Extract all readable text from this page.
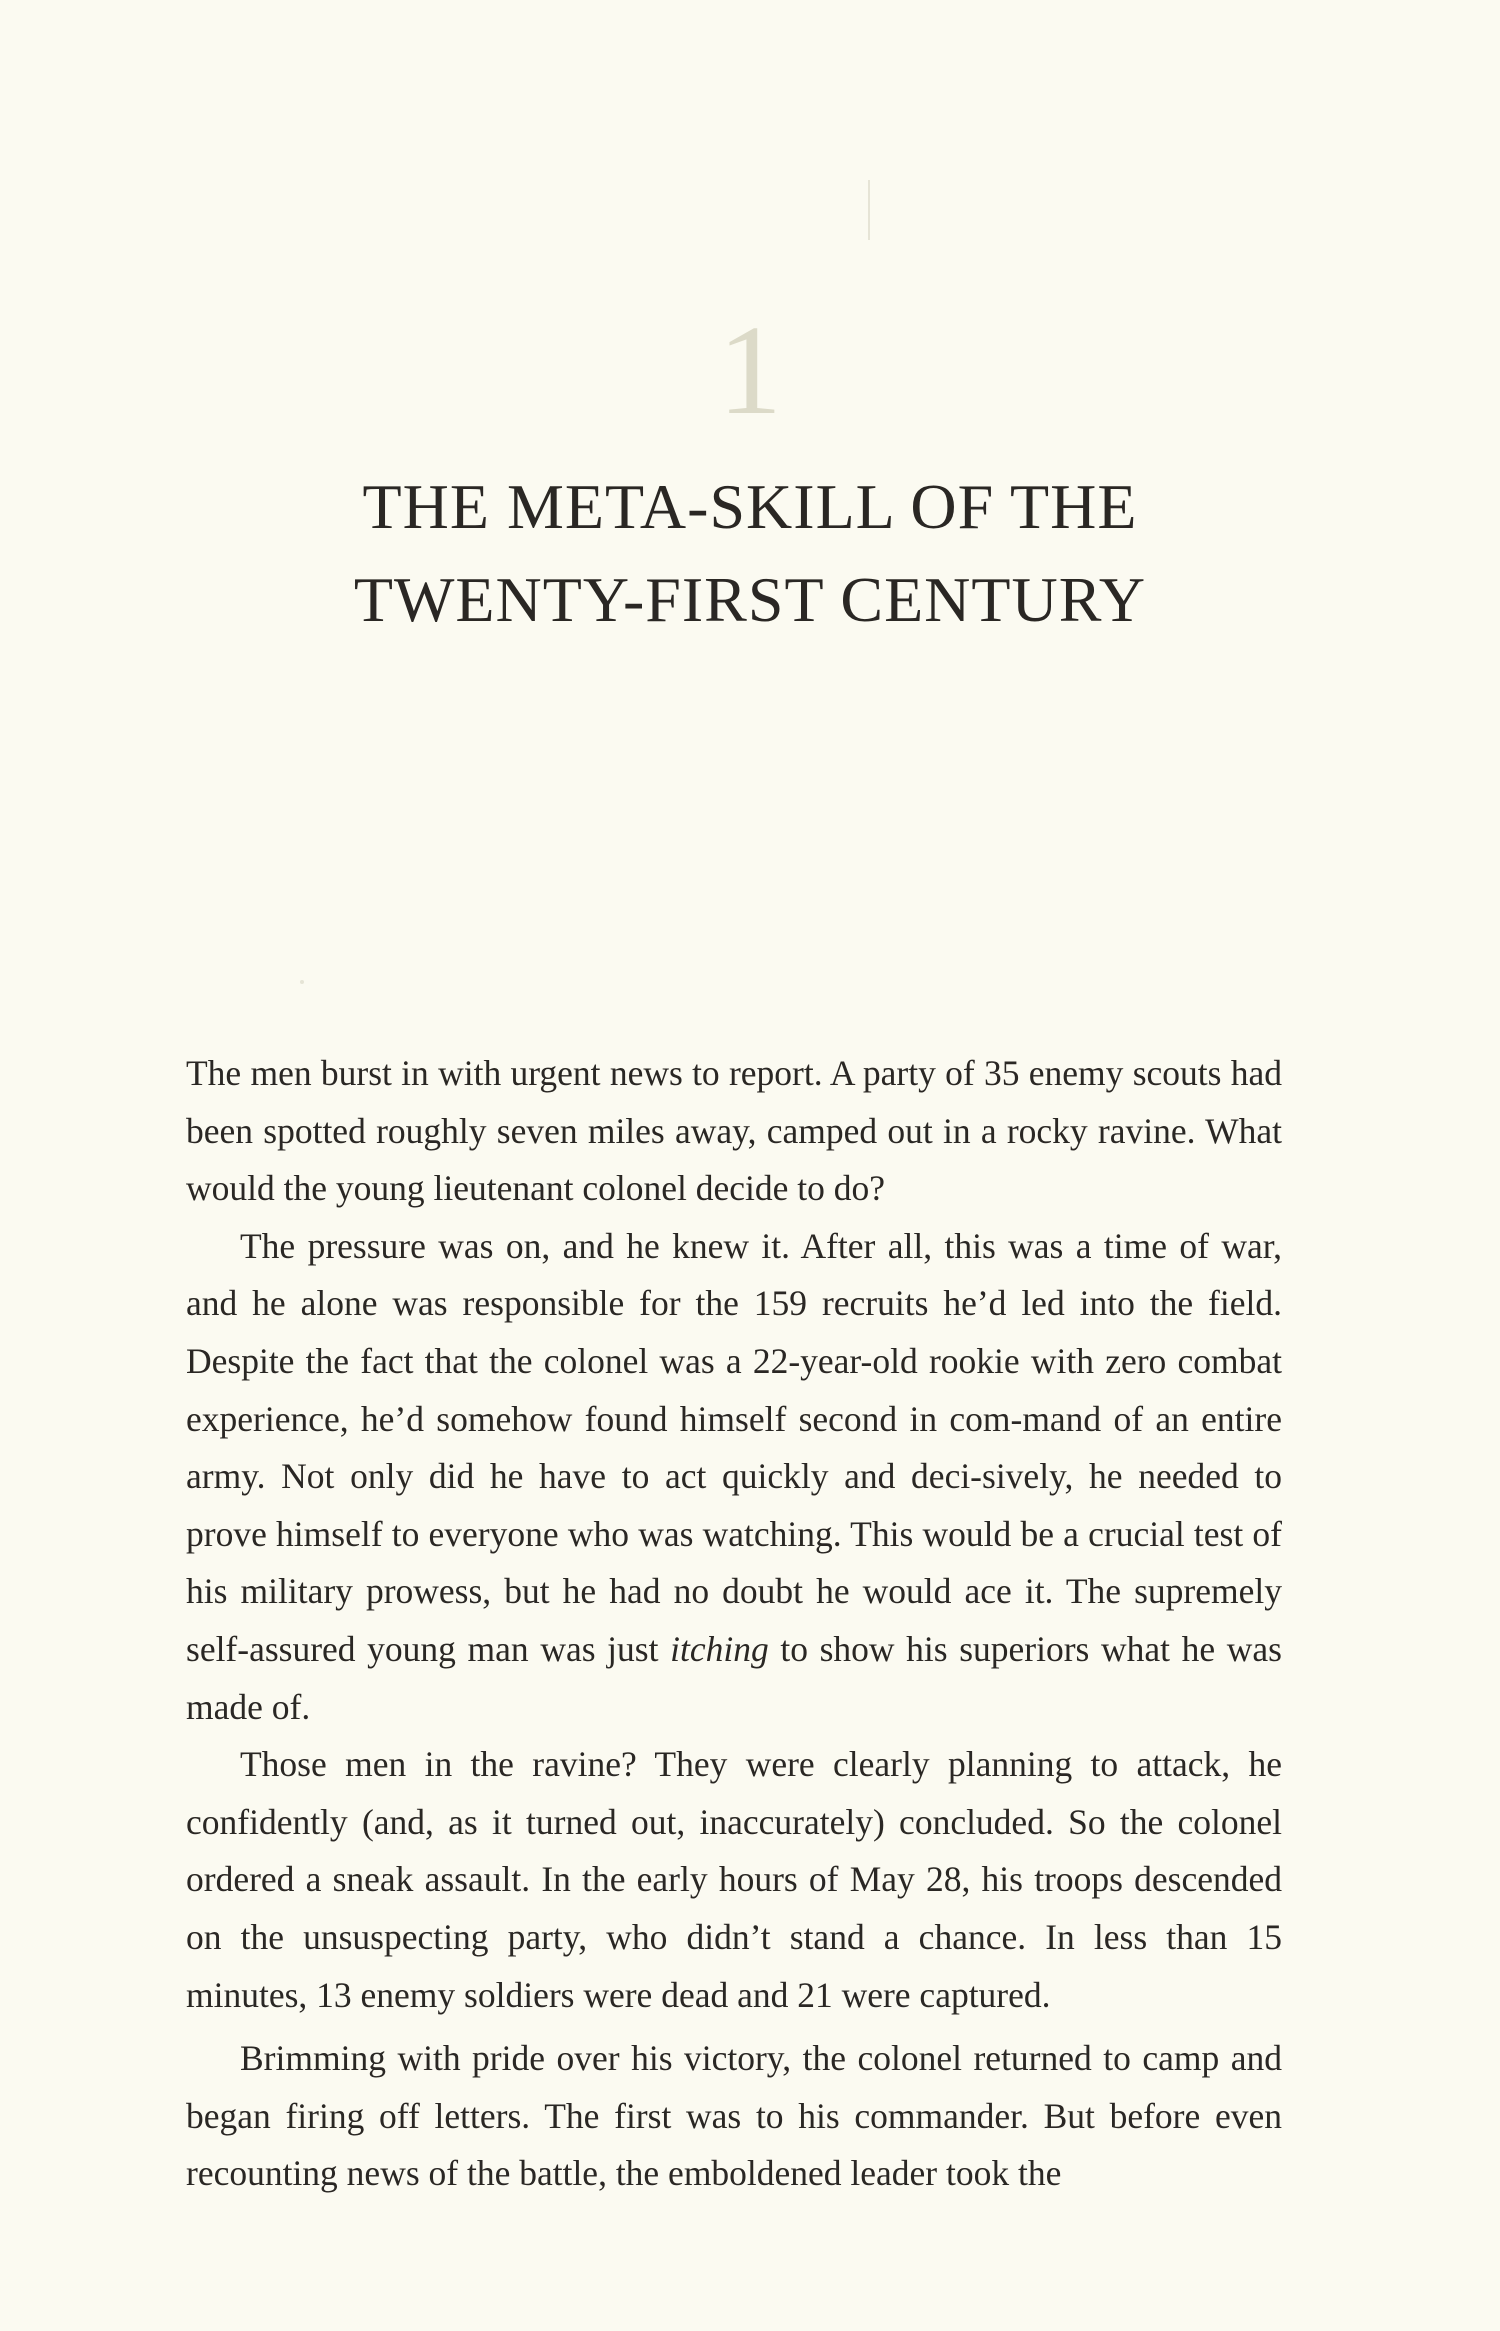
1
THE META-SKILL OF THE
TWENTY-FIRST CENTURY

The men burst in with urgent news to report. A party of 35 enemy scouts had been spotted roughly seven miles away, camped out in a rocky ravine. What would the young lieutenant colonel decide to do?

The pressure was on, and he knew it. After all, this was a time of war, and he alone was responsible for the 159 recruits he’d led into the field. Despite the fact that the colonel was a 22-year-old rookie with zero combat experience, he’d somehow found himself second in com-mand of an entire army. Not only did he have to act quickly and deci-sively, he needed to prove himself to everyone who was watching. This would be a crucial test of his military prowess, but he had no doubt he would ace it. The supremely self-assured young man was just itching to show his superiors what he was made of.

Those men in the ravine? They were clearly planning to attack, he confidently (and, as it turned out, inaccurately) concluded. So the colonel ordered a sneak assault. In the early hours of May 28, his troops descended on the unsuspecting party, who didn’t stand a chance. In less than 15 minutes, 13 enemy soldiers were dead and 21 were captured.

Brimming with pride over his victory, the colonel returned to camp and began firing off letters. The first was to his commander. But before even recounting news of the battle, the emboldened leader took the
